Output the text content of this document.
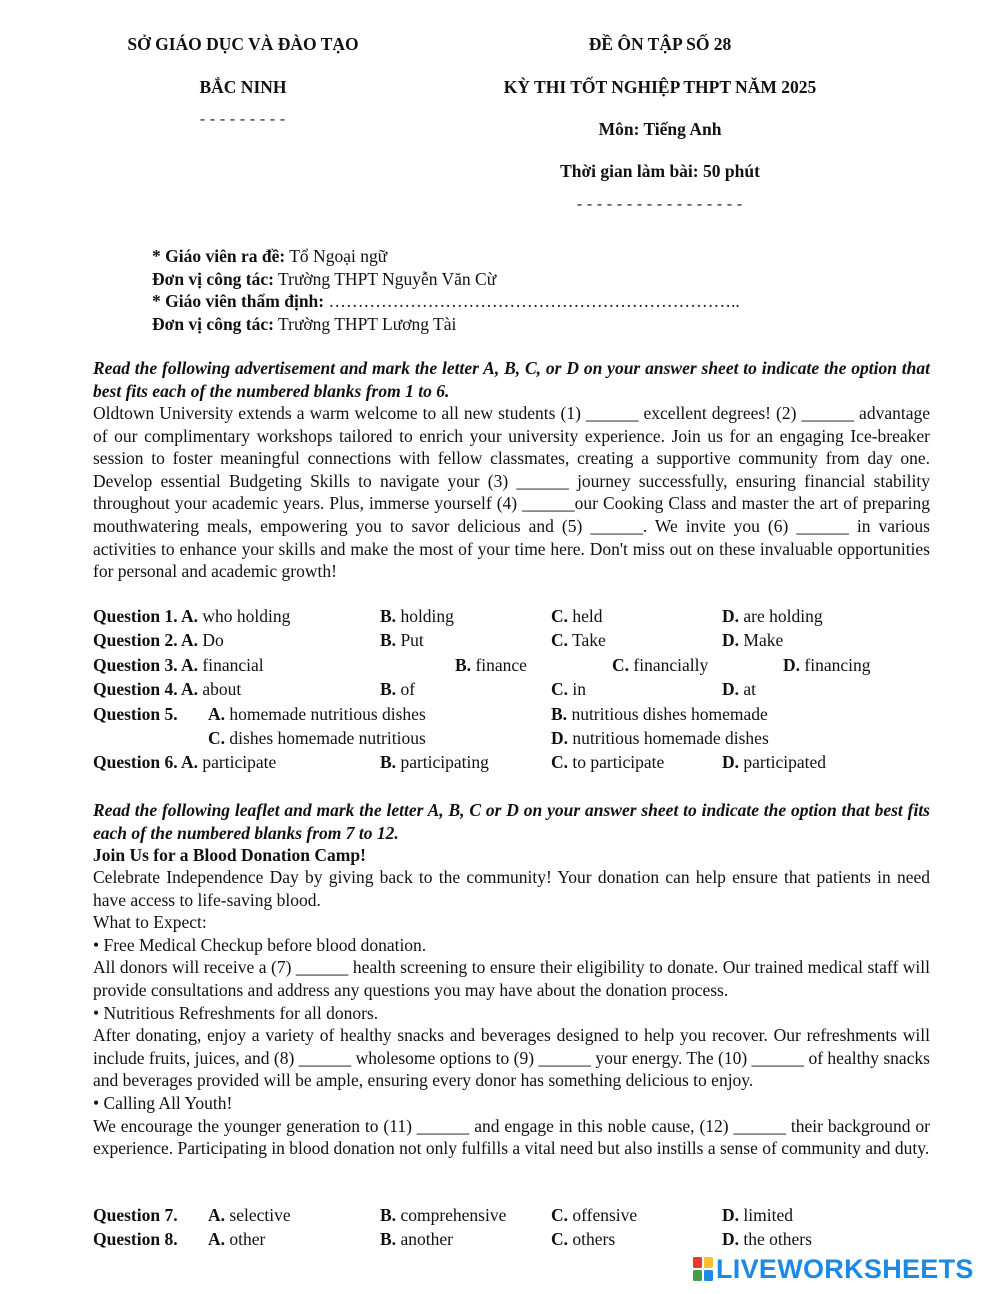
SỞ GIÁO DỤC VÀ ĐÀO TẠO
BẮC NINH
---------
ĐỀ ÔN TẬP SỐ 28
KỲ THI TỐT NGHIỆP THPT NĂM 2025
Môn: Tiếng Anh
Thời gian làm bài: 50 phút
-----------------
* Giáo viên ra đề: Tổ Ngoại ngữ
Đơn vị công tác: Trường THPT Nguyễn Văn Cừ
* Giáo viên thẩm định: ……………………………………………………………..
Đơn vị công tác: Trường THPT Lương Tài
Read the following advertisement and mark the letter A, B, C, or D on your answer sheet to indicate the option that best fits each of the numbered blanks from 1 to 6.
Oldtown University extends a warm welcome to all new students (1) ______ excellent degrees! (2) ______ advantage of our complimentary workshops tailored to enrich your university experience. Join us for an engaging Ice-breaker session to foster meaningful connections with fellow classmates, creating a supportive community from day one. Develop essential Budgeting Skills to navigate your (3) ______ journey successfully, ensuring financial stability throughout your academic years. Plus, immerse yourself (4) ______our Cooking Class and master the art of preparing mouthwatering meals, empowering you to savor delicious and (5) ______. We invite you (6) ______ in various activities to enhance your skills and make the most of your time here. Don't miss out on these invaluable opportunities for personal and academic growth!
Question 1. A. who holding	B. holding	C. held	D. are holding
Question 2. A. Do	B. Put	C. Take	D. Make
Question 3. A. financial	B. finance	C. financially	D. financing
Question 4. A. about	B. of	C. in	D. at
Question 5. A. homemade nutritious dishes	B. nutritious dishes homemade
C. dishes homemade nutritious	D. nutritious homemade dishes
Question 6. A. participate	B. participating	C. to participate	D. participated
Read the following leaflet and mark the letter A, B, C or D on your answer sheet to indicate the option that best fits each of the numbered blanks from 7 to 12.
Join Us for a Blood Donation Camp!
Celebrate Independence Day by giving back to the community! Your donation can help ensure that patients in need have access to life-saving blood.
What to Expect:
• Free Medical Checkup before blood donation.
All donors will receive a (7) ______ health screening to ensure their eligibility to donate. Our trained medical staff will provide consultations and address any questions you may have about the donation process.
• Nutritious Refreshments for all donors.
After donating, enjoy a variety of healthy snacks and beverages designed to help you recover. Our refreshments will include fruits, juices, and (8) ______ wholesome options to (9) ______ your energy. The (10) ______ of healthy snacks and beverages provided will be ample, ensuring every donor has something delicious to enjoy.
• Calling All Youth!
We encourage the younger generation to (11) ______ and engage in this noble cause, (12) ______ their background or experience. Participating in blood donation not only fulfills a vital need but also instills a sense of community and duty.
Question 7. A. selective	B. comprehensive	C. offensive	D. limited
Question 8. A. other	B. another	C. others	D. the others
LIVEWORKSHEETS
